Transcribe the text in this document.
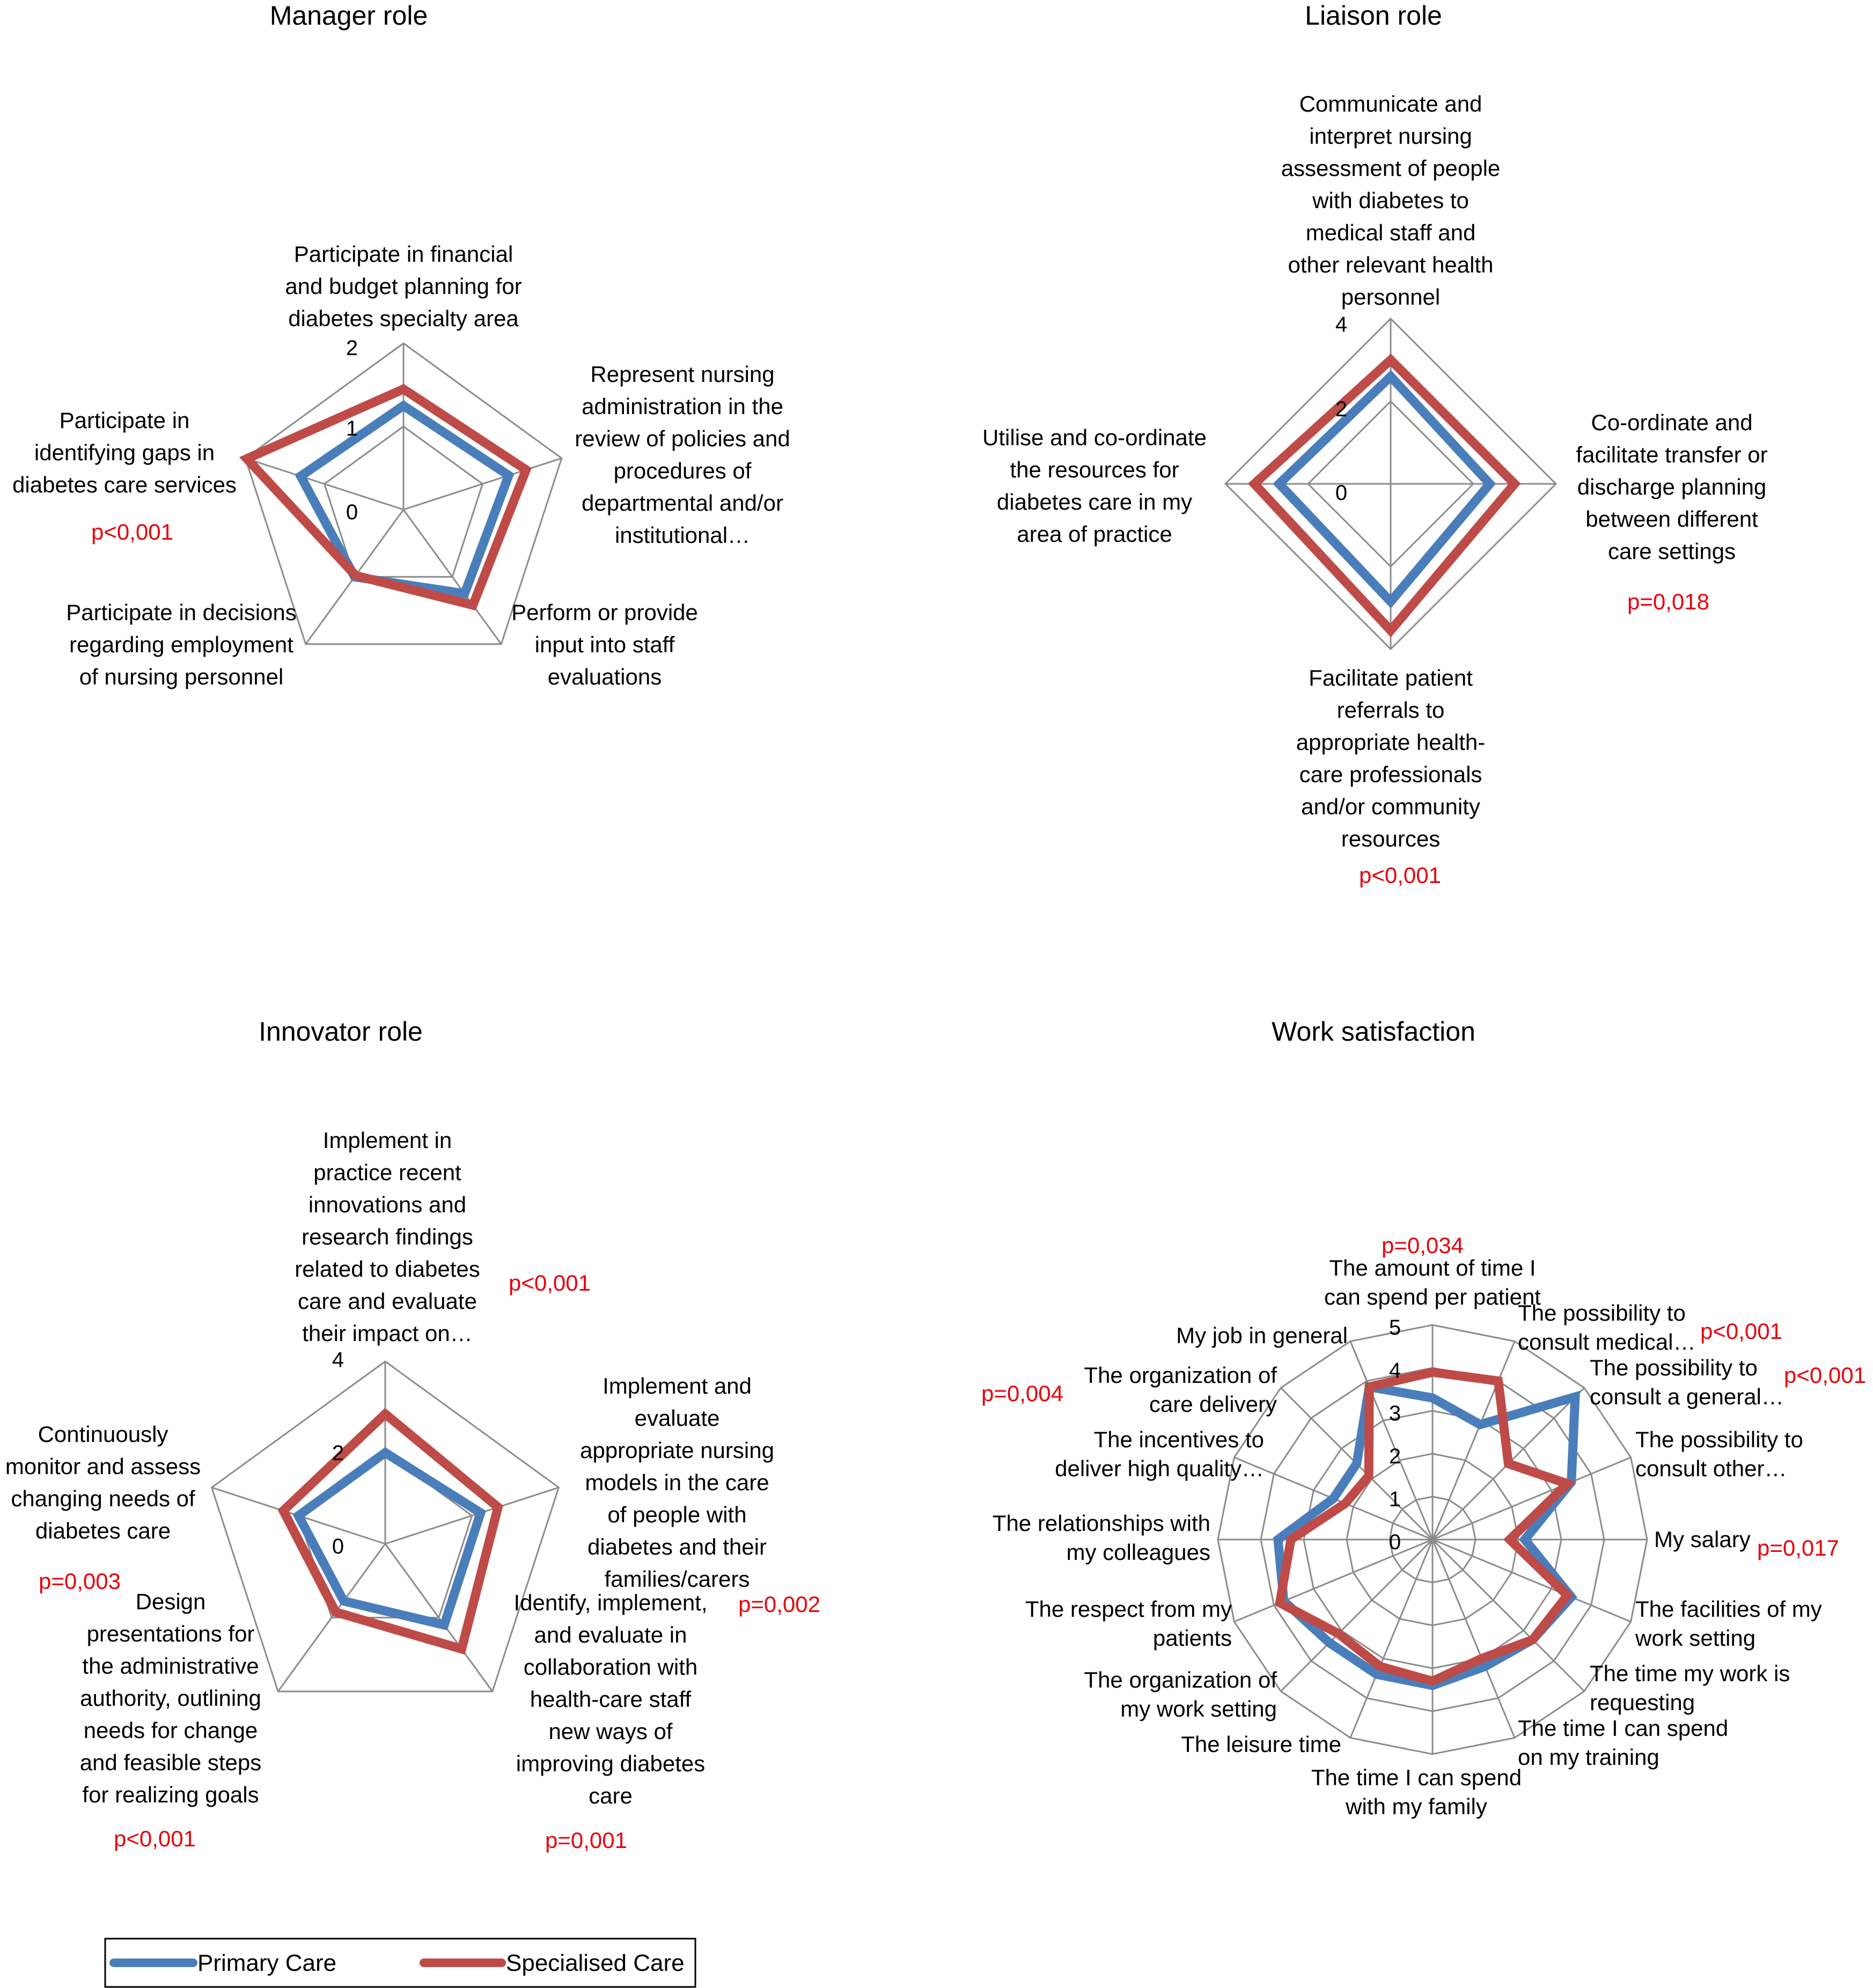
Manager role	Liaison role
Innovator role	Work satisfaction
0
1
2
Participate in financial and budget planning for diabetes specialty area
Represent nursing administration in the review of policies and procedures of departmental and/or institutional…
Perform or provide input into staff evaluations
Participate in decisions regarding employment of nursing personnel
Participate in identifying gaps in diabetes care services	0
2
4
Communicate and interpret nursing assessment of people with diabetes to medical staff and other relevant health personnel
Co-ordinate and facilitate transfer or discharge planning between different care settings
Facilitate patient referrals to appropriate health-care professionals and/or community resources
Utilise and co-ordinate the resources for diabetes care in my area of practice
0
2
4
Implement in practice recent innovations and research findings related to diabetes care and evaluate their impact on…
Implement and evaluate appropriate nursing models in the care of people with diabetes and their families/carers
Identify, implement, and evaluate in collaboration with health-care staff new ways of improving diabetes care
Design presentations for the administrative authority, outlining needs for change and feasible steps for realizing goals
Continuously monitor and assess changing needs of diabetes care	0
1
2
3
4
5
The amount of time I can spend per patient
The possibility to consult medical…
The possibility to consult a general…
The possibility to consult other…
My salary
The facilities of my work setting
The time my work is requesting
The time I can spend on my training
The time I can spend with my family
The leisure time
The organization of my work setting
The respect from my patients
The relationships with my colleagues
The incentives to deliver high quality…
The organization of care delivery
My job in general
p<0,001
p=0,018
p<0,001
p<0,001
p=0,002
p=0,001
p<0,001
p=0,003
p=0,034
p<0,001
p<0,001
p=0,017
p=0,004
Primary Care	Specialised Care
